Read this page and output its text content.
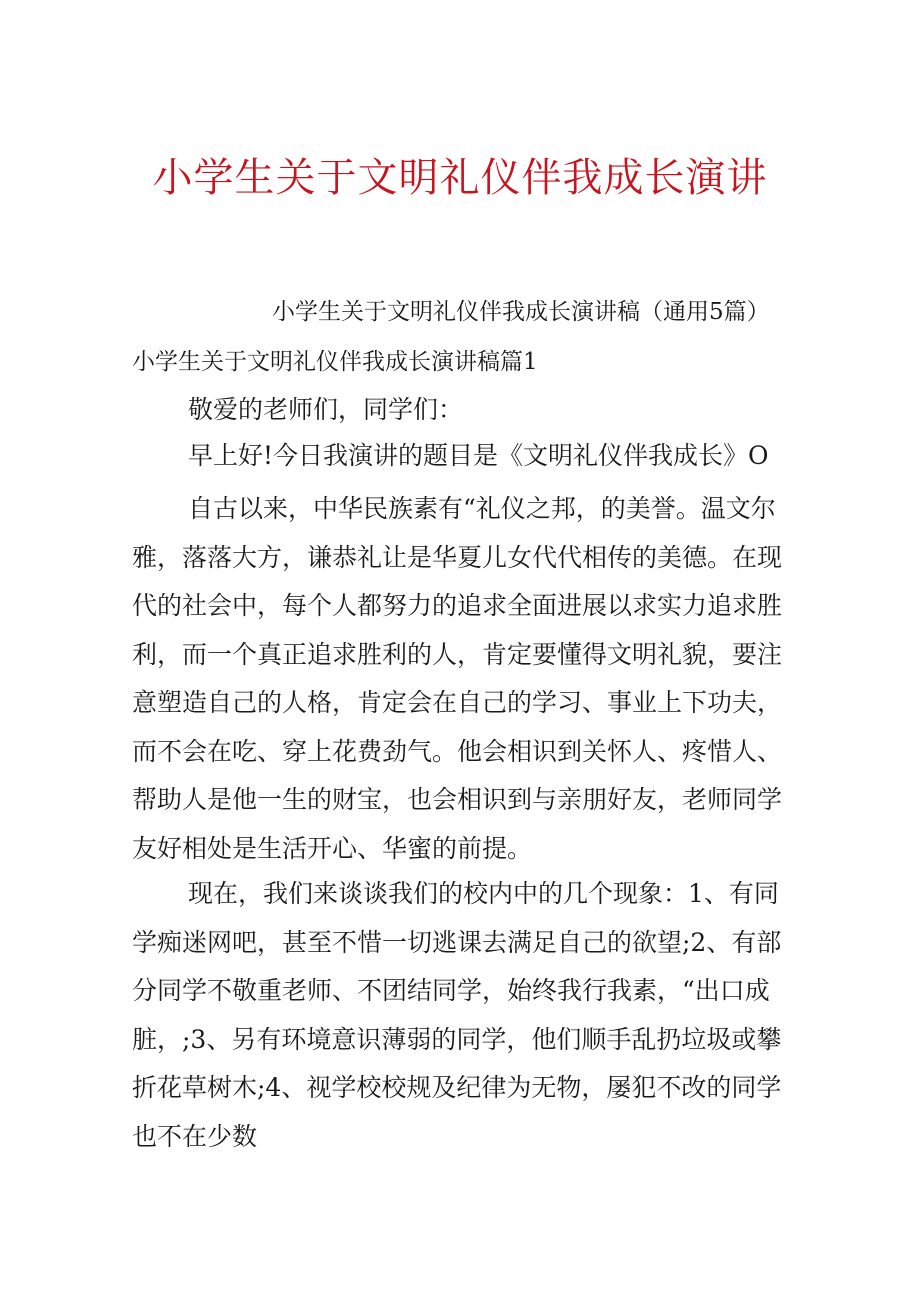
小学生关于文明礼仪伴我成长演讲
小学生关于文明礼仪伴我成长演讲稿（通用5篇）
小学生关于文明礼仪伴我成长演讲稿篇1
敬爱的老师们，同学们：
早上好!今日我演讲的题目是《文明礼仪伴我成长》O

自古以来，中华民族素有“礼仪之邦，的美誉。温文尔雅，落落大方，谦恭礼让是华夏儿女代代相传的美德。在现代的社会中，每个人都努力的追求全面进展以求实力追求胜利，而一个真正追求胜利的人，肯定要懂得文明礼貌，要注意塑造自己的人格，肯定会在自己的学习、事业上下功夫，而不会在吃、穿上花费劲气。他会相识到关怀人、疼惜人、帮助人是他一生的财宝，也会相识到与亲朋好友，老师同学友好相处是生活开心、华蜜的前提。

现在，我们来谈谈我们的校内中的几个现象：1、有同学痴迷网吧，甚至不惜一切逃课去满足自己的欲望;2、有部分同学不敬重老师、不团结同学，始终我行我素，“出口成脏，;3、另有环境意识薄弱的同学，他们顺手乱扔垃圾或攀折花草树木;4、视学校校规及纪律为无物，屡犯不改的同学也不在少数
